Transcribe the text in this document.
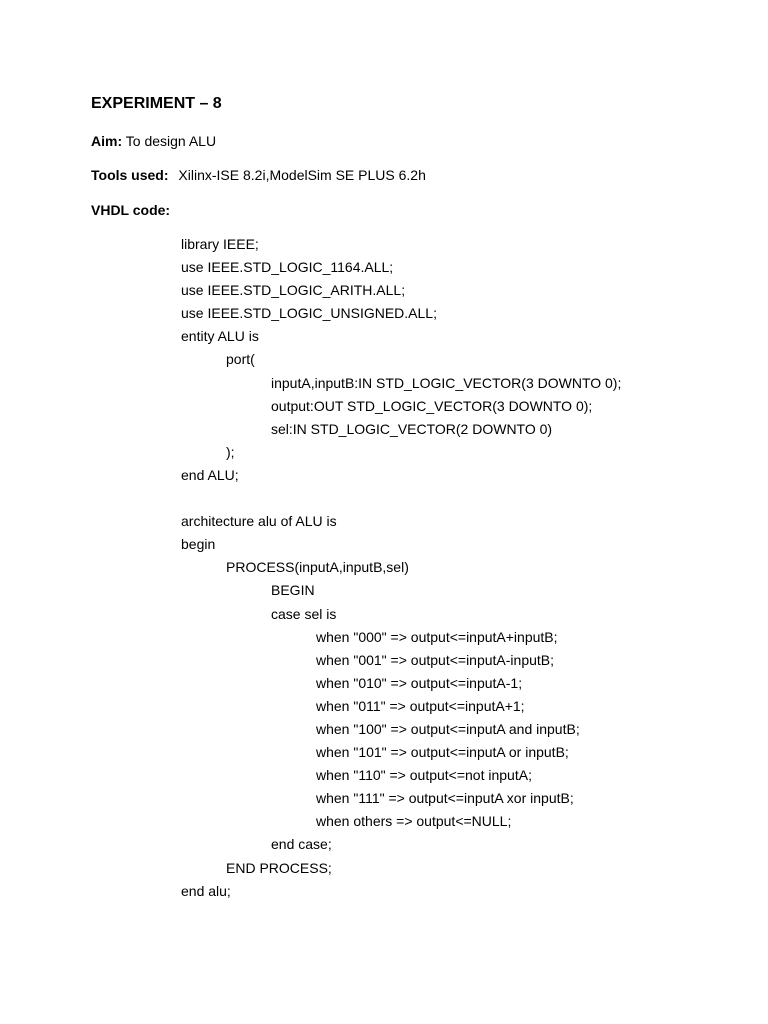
EXPERIMENT – 8
Aim: To design ALU
Tools used: Xilinx-ISE 8.2i,ModelSim SE PLUS 6.2h
VHDL code:
library IEEE;
use IEEE.STD_LOGIC_1164.ALL;
use IEEE.STD_LOGIC_ARITH.ALL;
use IEEE.STD_LOGIC_UNSIGNED.ALL;
entity ALU is
port(
inputA,inputB:IN STD_LOGIC_VECTOR(3 DOWNTO 0);
output:OUT STD_LOGIC_VECTOR(3 DOWNTO 0);
sel:IN STD_LOGIC_VECTOR(2 DOWNTO 0)
);
end ALU;
architecture alu of ALU is
begin
PROCESS(inputA,inputB,sel)
BEGIN
case sel is
when "000" => output<=inputA+inputB;
when "001" => output<=inputA-inputB;
when "010" => output<=inputA-1;
when "011" => output<=inputA+1;
when "100" => output<=inputA and inputB;
when "101" => output<=inputA or inputB;
when "110" => output<=not inputA;
when "111" => output<=inputA xor inputB;
when others => output<=NULL;
end case;
END PROCESS;
end alu;
